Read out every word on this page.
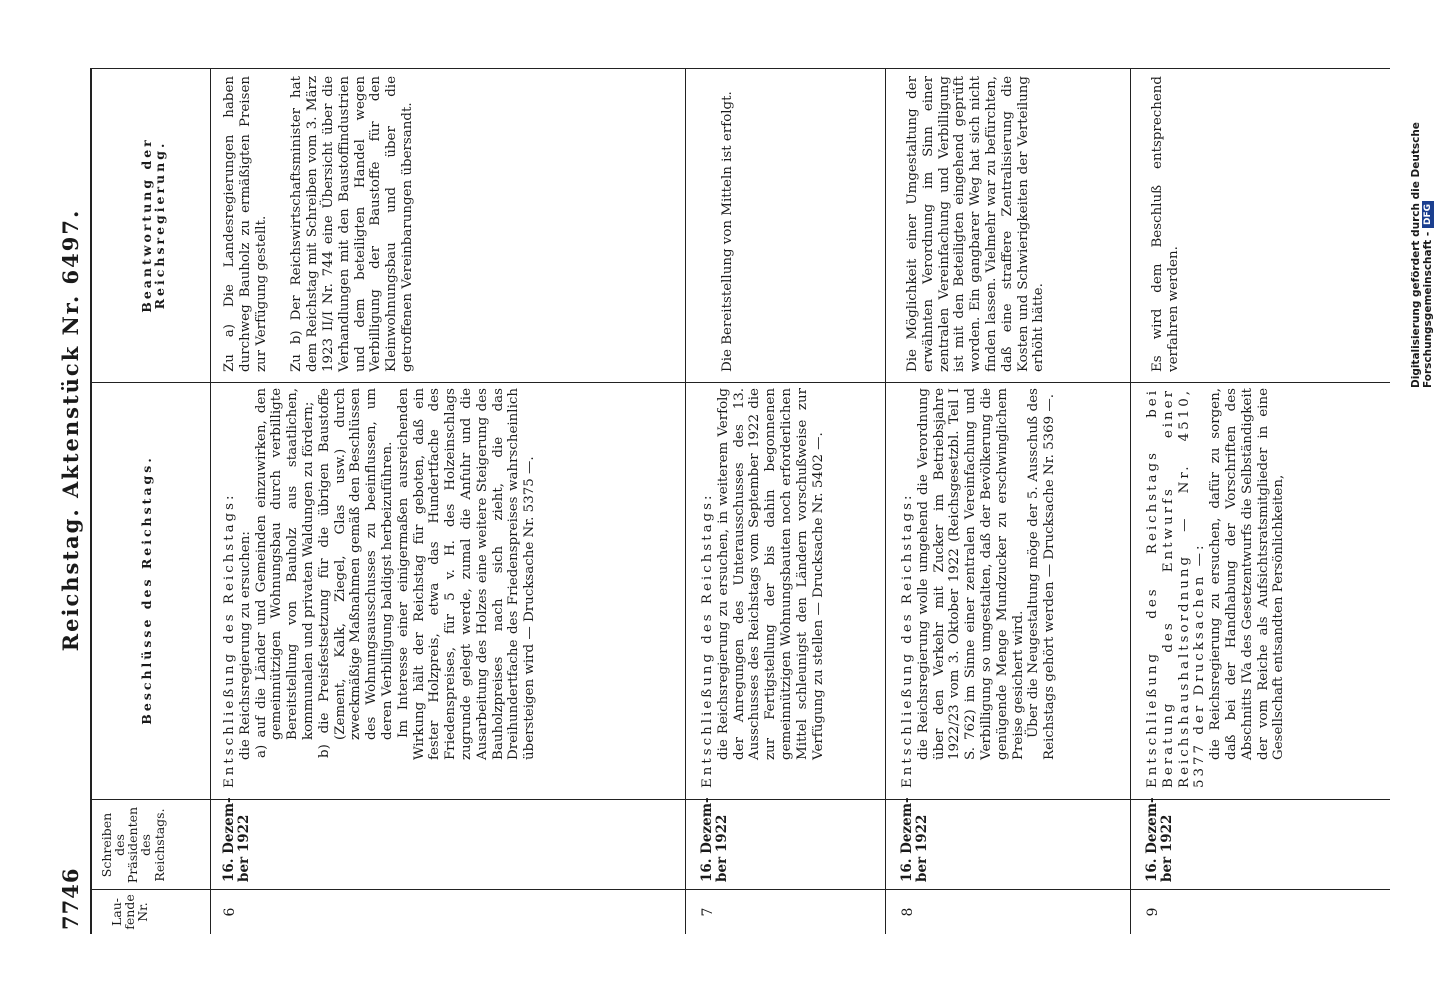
7746
Reichstag. Aktenstück Nr. 6497.
Lau-
fende
Nr.
Schreiben
des
Präsidenten
des
Reichstags.
Beschlüsse des Reichstags.
Beantwortung der Reichsregierung.
6
16. Dezem-
ber 1922

Entschließung des Reichstags: die Reichsregierung zu ersuchen: a) auf die Länder und Gemeinden einzuwirken, den gemeinnützigen Wohnungsbau durch verbilligte Bereitstellung von Bauholz aus staatlichen, kommunalen und privaten Waldungen zu fördern; b) die Preisfestsetzung für die übrigen Baustoffe (Zement, Kalk, Ziegel, Glas usw.) durch zweckmäßige Maßnahmen gemäß den Beschlüssen des Wohnungsausschusses zu beeinflussen, um deren Verbilligung baldigst herbeizuführen. Im Interesse einer einigermaßen ausreichenden Wirkung hält der Reichstag für geboten, daß ein fester Holzpreis, etwa das Hundertfache des Friedenspreises, für 5 v. H. des Holzeinschlags zugrunde gelegt werde, zumal die Anfuhr und die Ausarbeitung des Holzes eine weitere Steigerung des Bauholzpreises nach sich zieht, die das Dreihundertfache des Friedenspreises wahrscheinlich übersteigen wird — Drucksache Nr. 5375 —.

Zu a) Die Landesregierungen haben durchweg Bauholz zu ermäßigten Preisen zur Verfügung gestellt. Zu b) Der Reichswirtschaftsminister hat dem Reichstag mit Schreiben vom 3. März 1923 II/I Nr. 744 eine Übersicht über die Verhandlungen mit den Baustoffindustrien und dem beteiligten Handel wegen Verbilligung der Baustoffe für den Kleinwohnungsbau und über die getroffenen Vereinbarungen übersandt.

7
16. Dezem-
ber 1922

Entschließung des Reichstags: die Reichsregierung zu ersuchen, in weiterem Verfolg der Anregungen des Unterausschusses des 13. Ausschusses des Reichstags vom September 1922 die zur Fertigstellung der bis dahin begonnenen gemeinnützigen Wohnungsbauten noch erforderlichen Mittel schleunigst den Ländern vorschußweise zur Verfügung zu stellen — Drucksache Nr. 5402 —.

Die Bereitstellung von Mitteln ist erfolgt.
8
16. Dezem-
ber 1922

Entschließung des Reichstags: die Reichsregierung wolle umgehend die Verordnung über den Verkehr mit Zucker im Betriebsjahre 1922/23 vom 3. Oktober 1922 (Reichsgesetzbl. Teil I S. 762) im Sinne einer zentralen Vereinfachung und Verbilligung so umgestalten, daß der Bevölkerung die genügende Menge Mundzucker zu erschwinglichem Preise gesichert wird. Über die Neugestaltung möge der 5. Ausschuß des Reichstags gehört werden — Drucksache Nr. 5369 —.

Die Möglichkeit einer Umgestaltung der erwähnten Verordnung im Sinn einer zentralen Vereinfachung und Verbilligung ist mit den Beteiligten eingehend geprüft worden. Ein gangbarer Weg hat sich nicht finden lassen. Vielmehr war zu befürchten, daß eine straffere Zentralisierung die Kosten und Schwierigkeiten der Verteilung erhöht hätte.
9
16. Dezem-
ber 1922

Entschließung des Reichstags bei Beratung des Entwurfs einer Reichshaushaltsordnung — Nr. 4510, 5377 der Drucksachen —: die Reichsregierung zu ersuchen, dafür zu sorgen, daß bei der Handhabung der Vorschriften des Abschnitts IVa des Gesetzentwurfs die Selbständigkeit der vom Reiche als Aufsichtsratsmitglieder in eine Gesellschaft entsandten Persönlichkeiten,

Es wird dem Beschluß entsprechend verfahren werden.	Digitalisierung gefördert durch die Deutsche Forschungsgemeinschaft - DFG
